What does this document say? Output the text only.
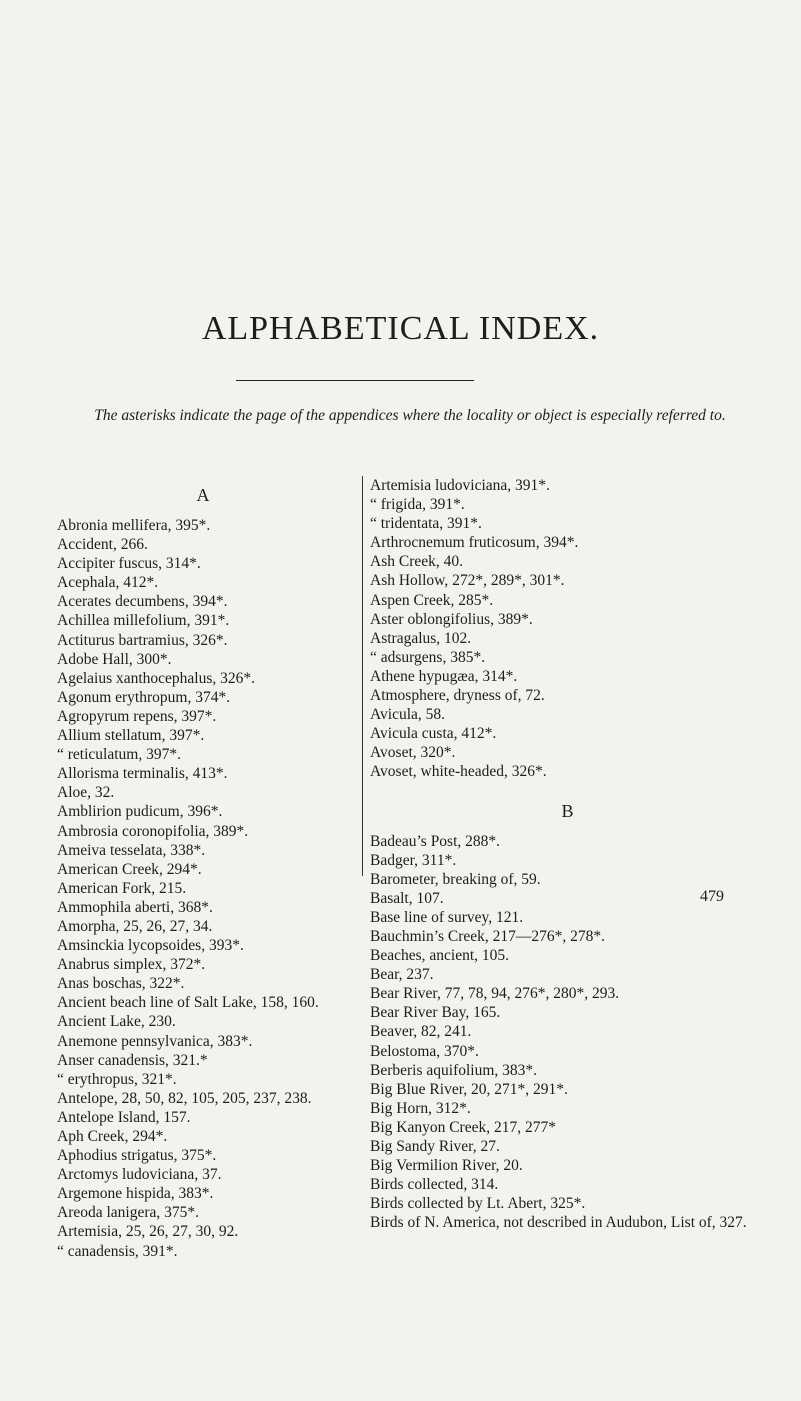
ALPHABETICAL INDEX.
The asterisks indicate the page of the appendices where the locality or object is especially referred to.
A
Abronia mellifera, 395*.
Accident, 266.
Accipiter fuscus, 314*.
Acephala, 412*.
Acerates decumbens, 394*.
Achillea millefolium, 391*.
Actiturus bartramius, 326*.
Adobe Hall, 300*.
Agelaius xanthocephalus, 326*.
Agonum erythropum, 374*.
Agropyrum repens, 397*.
Allium stellatum, 397*.
“ reticulatum, 397*.
Allorisma terminalis, 413*.
Aloe, 32.
Amblirion pudicum, 396*.
Ambrosia coronopifolia, 389*.
Ameiva tesselata, 338*.
American Creek, 294*.
American Fork, 215.
Ammophila aberti, 368*.
Amorpha, 25, 26, 27, 34.
Amsinckia lycopsoides, 393*.
Anabrus simplex, 372*.
Anas boschas, 322*.
Ancient beach line of Salt Lake, 158, 160.
Ancient Lake, 230.
Anemone pennsylvanica, 383*.
Anser canadensis, 321.*
“ erythropus, 321*.
Antelope, 28, 50, 82, 105, 205, 237, 238.
Antelope Island, 157.
Aph Creek, 294*.
Aphodius strigatus, 375*.
Arctomys ludoviciana, 37.
Argemone hispida, 383*.
Areoda lanigera, 375*.
Artemisia, 25, 26, 27, 30, 92.
“ canadensis, 391*.
Artemisia ludoviciana, 391*.
“ frigida, 391*.
“ tridentata, 391*.
Arthrocnemum fruticosum, 394*.
Ash Creek, 40.
Ash Hollow, 272*, 289*, 301*.
Aspen Creek, 285*.
Aster oblongifolius, 389*.
Astragalus, 102.
“ adsurgens, 385*.
Athene hypugæa, 314*.
Atmosphere, dryness of, 72.
Avicula, 58.
Avicula custa, 412*.
Avoset, 320*.
Avoset, white-headed, 326*.
B
Badeau’s Post, 288*.
Badger, 311*.
Barometer, breaking of, 59.
Basalt, 107.
Base line of survey, 121.
Bauchmin’s Creek, 217—276*, 278*.
Beaches, ancient, 105.
Bear, 237.
Bear River, 77, 78, 94, 276*, 280*, 293.
Bear River Bay, 165.
Beaver, 82, 241.
Belostoma, 370*.
Berberis aquifolium, 383*.
Big Blue River, 20, 271*, 291*.
Big Horn, 312*.
Big Kanyon Creek, 217, 277*
Big Sandy River, 27.
Big Vermilion River, 20.
Birds collected, 314.
Birds collected by Lt. Abert, 325*.
Birds of N. America, not described in Audubon, List of, 327.
479
